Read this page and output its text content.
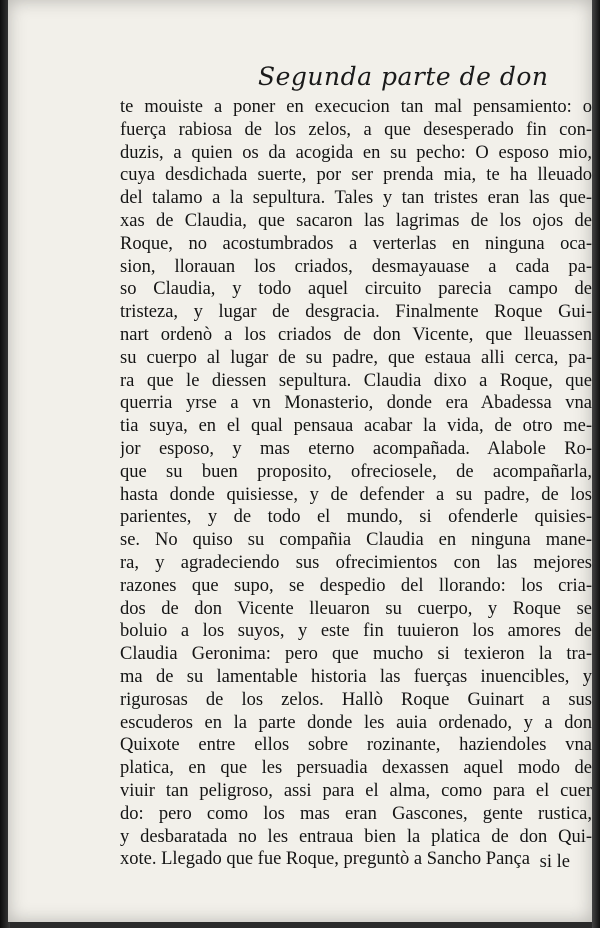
Segunda parte de don
te mouiste a poner en execucion tan mal pensamiento: o
fuerça rabiosa de los zelos, a que desesperado fin con-
duzis, a quien os da acogida en su pecho: O esposo mio,
cuya desdichada suerte, por ser prenda mia, te ha lleuado
del talamo a la sepultura. Tales y tan tristes eran las que-
xas de Claudia, que sacaron las lagrimas de los ojos de
Roque, no acostumbrados a verterlas en ninguna oca-
sion, llorauan los criados, desmayauase a cada pa-
so Claudia, y todo aquel circuito parecia campo de
tristeza, y lugar de desgracia. Finalmente Roque Gui-
nart ordenò a los criados de don Vicente, que lleuassen
su cuerpo al lugar de su padre, que estaua alli cerca, pa-
ra que le diessen sepultura. Claudia dixo a Roque, que
querria yrse a vn Monasterio, donde era Abadessa vna
tia suya, en el qual pensaua acabar la vida, de otro me-
jor esposo, y mas eterno acompañada. Alabole Ro-
que su buen proposito, ofreciosele, de acompañarla,
hasta donde quisiesse, y de defender a su padre, de los
parientes, y de todo el mundo, si ofenderle quisies-
se. No quiso su compañia Claudia en ninguna mane-
ra, y agradeciendo sus ofrecimientos con las mejores
razones que supo, se despedio del llorando: los cria-
dos de don Vicente lleuaron su cuerpo, y Roque se
boluio a los suyos, y este fin tuuieron los amores de
Claudia Geronima: pero que mucho si texieron la tra-
ma de su lamentable historia las fuerças inuencibles, y
rigurosas de los zelos. Hallò Roque Guinart a sus
escuderos en la parte donde les auia ordenado, y a don
Quixote entre ellos sobre rozinante, haziendoles vna
platica, en que les persuadia dexassen aquel modo de
viuir tan peligroso, assi para el alma, como para el cuer
do: pero como los mas eran Gascones, gente rustica,
y desbaratada no les entraua bien la platica de don Qui-
xote. Llegado que fue Roque, preguntò a Sancho Pança si le
